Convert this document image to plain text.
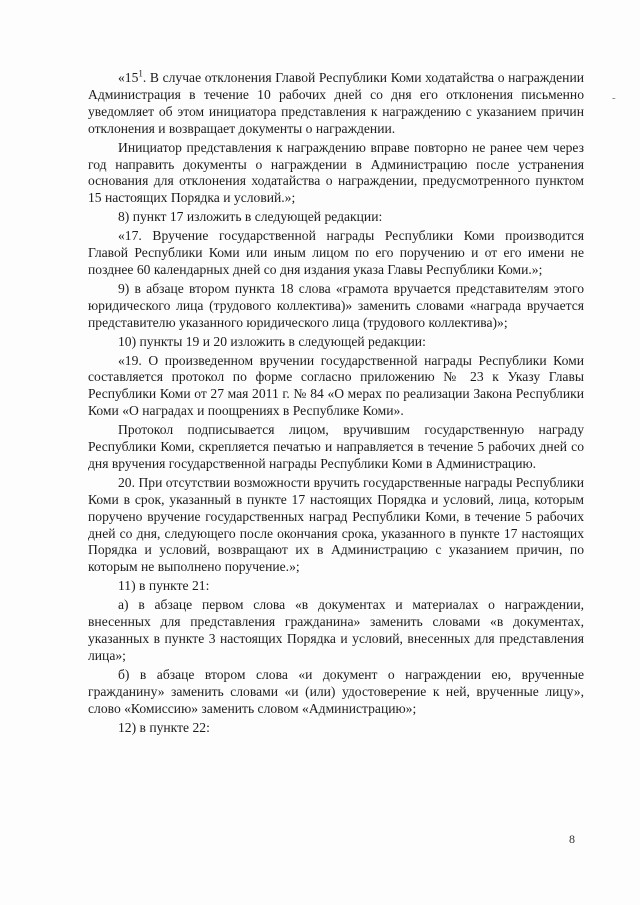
«$15^1$. В случае отклонения Главой Республики Коми ходатайства о награждении Администрация в течение 10 рабочих дней со дня его отклонения письменно уведомляет об этом инициатора представления к награждению с указанием причин отклонения и возвращает документы о награждении.

Инициатор представления к награждению вправе повторно не ранее чем через год направить документы о награждении в Администрацию после устранения основания для отклонения ходатайства о награждении, предусмотренного пунктом 15 настоящих Порядка и условий.»;

8) пункт 17 изложить в следующей редакции:

«17. Вручение государственной награды Республики Коми производится Главой Республики Коми или иным лицом по его поручению и от его имени не позднее 60 календарных дней со дня издания указа Главы Республики Коми.»;

9) в абзаце втором пункта 18 слова «грамота вручается представителям этого юридического лица (трудового коллектива)» заменить словами «награда вручается представителю указанного юридического лица (трудового коллектива)»;

10) пункты 19 и 20 изложить в следующей редакции:

«19. О произведенном вручении государственной награды Республики Коми составляется протокол по форме согласно приложению № 23 к Указу Главы Республики Коми от 27 мая 2011 г. № 84 «О мерах по реализации Закона Республики Коми «О наградах и поощрениях в Республике Коми».

Протокол подписывается лицом, вручившим государственную награду Республики Коми, скрепляется печатью и направляется в течение 5 рабочих дней со дня вручения государственной награды Республики Коми в Администрацию.

20. При отсутствии возможности вручить государственные награды Республики Коми в срок, указанный в пункте 17 настоящих Порядка и условий, лица, которым поручено вручение государственных наград Республики Коми, в течение 5 рабочих дней со дня, следующего после окончания срока, указанного в пункте 17 настоящих Порядка и условий, возвращают их в Администрацию с указанием причин, по которым не выполнено поручение.»;

11) в пункте 21:

а) в абзаце первом слова «в документах и материалах о награждении, внесенных для представления гражданина» заменить словами «в документах, указанных в пункте 3 настоящих Порядка и условий, внесенных для представления лица»;

б) в абзаце втором слова «и документ о награждении ею, врученные гражданину» заменить словами «и (или) удостоверение к ней, врученные лицу», слово «Комиссию» заменить словом «Администрацию»;

12) в пункте 22:

-
8
